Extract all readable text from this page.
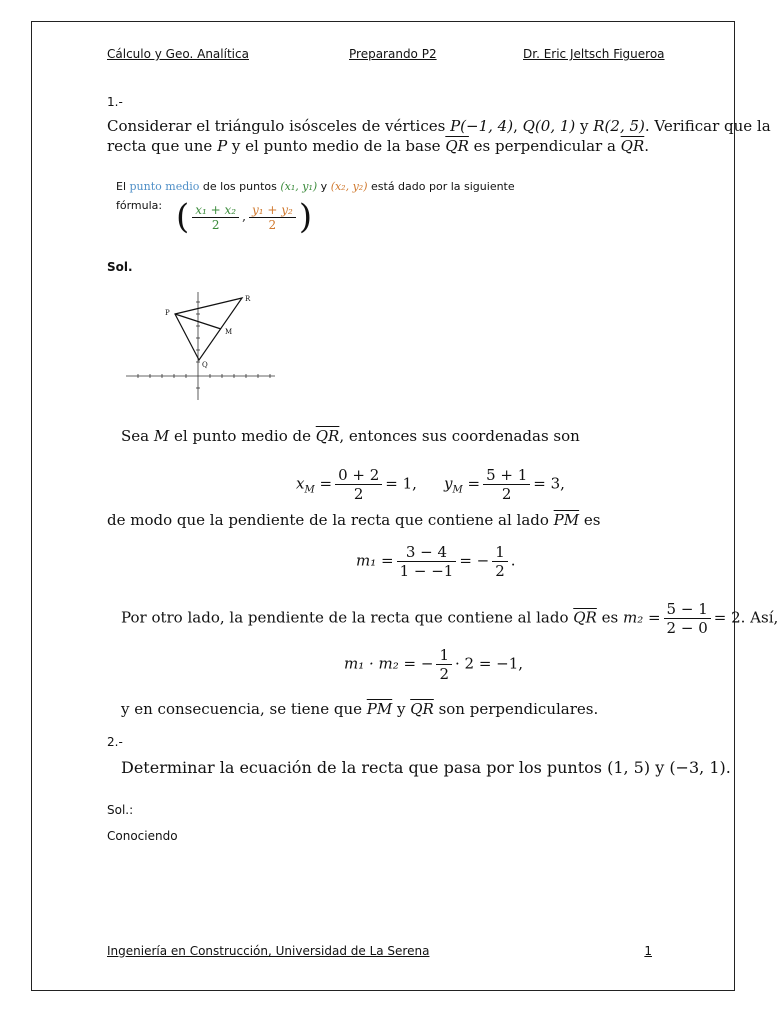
Cálculo y Geo. Analítica	Preparando P2	Dr. Eric Jeltsch Figueroa
1.-
Considerar el triángulo isósceles de vértices P(−1, 4), Q(0, 1) y R(2, 5). Verificar que la
recta que une P y el punto medio de la base $\overline{QR}$ es perpendicular a $\overline{QR}$.
El punto medio de los puntos (x₁, y₁) y (x₂, y₂) está dado por la siguiente
fórmula: ( $\frac{\text{x₁ + x₂}}{2}$ , $\frac{\text{y₁ + y₂}}{2}$ )
Sol.
P
R
M
Q
Sea M el punto medio de $\overline{QR}$, entonces sus coordenadas son
$x_M = \frac{0 + 2}{2} = 1$, $y_M = \frac{5 + 1}{2} = 3$,
de modo que la pendiente de la recta que contiene al lado $\overline{PM}$ es
$m_1 = \frac{3 - 4}{1 - -1}$ = − $\frac{1}{2}$ .
Por otro lado, la pendiente de la recta que contiene al lado $\overline{QR}$ es $m_2 = \frac{5 - 1}{2 - 0} = 2$. Así,
m₁ · m₂ = − $\frac{1}{2} \cdot 2 = -1$,
y en consecuencia, se tiene que $\overline{PM}$ y $\overline{QR}$ son perpendiculares.
2.-
Determinar la ecuación de la recta que pasa por los puntos (1, 5) y (−3, 1).
Sol.:
Conociendo
Ingeniería en Construcción, Universidad de La Serena	1
